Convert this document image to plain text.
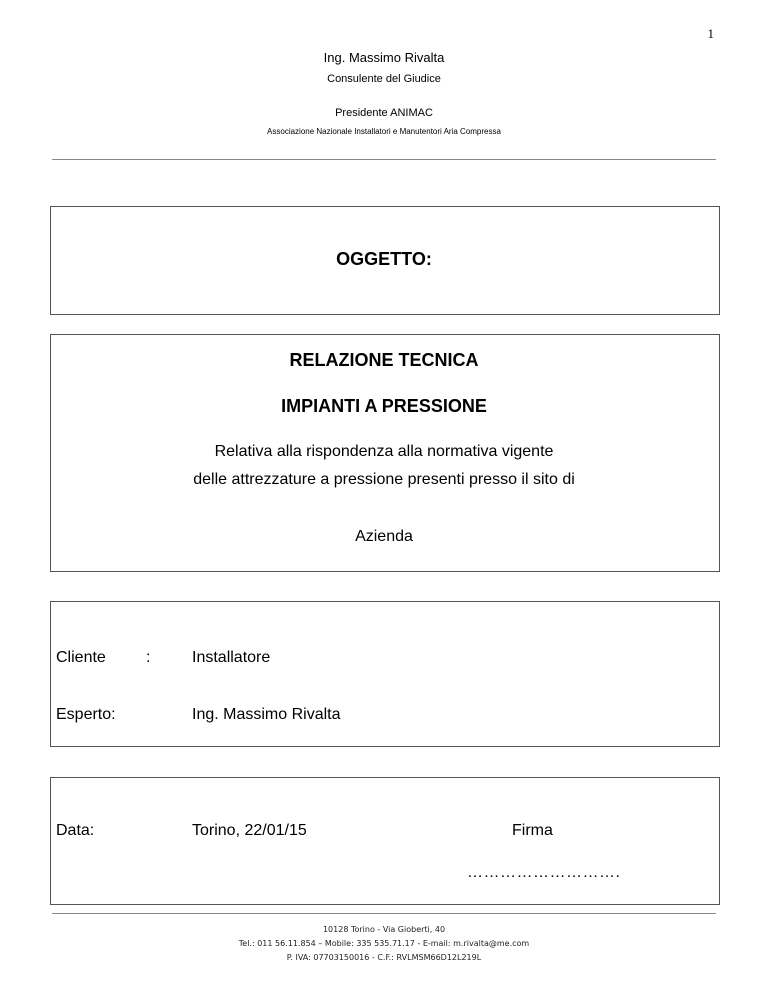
1
Ing. Massimo Rivalta
Consulente del Giudice
Presidente ANIMAC
Associazione Nazionale Installatori e Manutentori Aria Compressa
OGGETTO:
RELAZIONE TECNICA
IMPIANTI A PRESSIONE
Relativa alla rispondenza alla normativa vigente
delle attrezzature a pressione presenti presso il sito di
Azienda
Cliente	:	Installatore
Esperto:	Ing. Massimo Rivalta
Data:	Torino, 22/01/15	Firma
……………………….
10128 Torino - Via Gioberti, 40
Tel.: 011 56.11.854 – Mobile: 335 535.71.17 - E-mail: m.rivalta@me.com
P. IVA: 07703150016 - C.F.: RVLMSM66D12L219L
